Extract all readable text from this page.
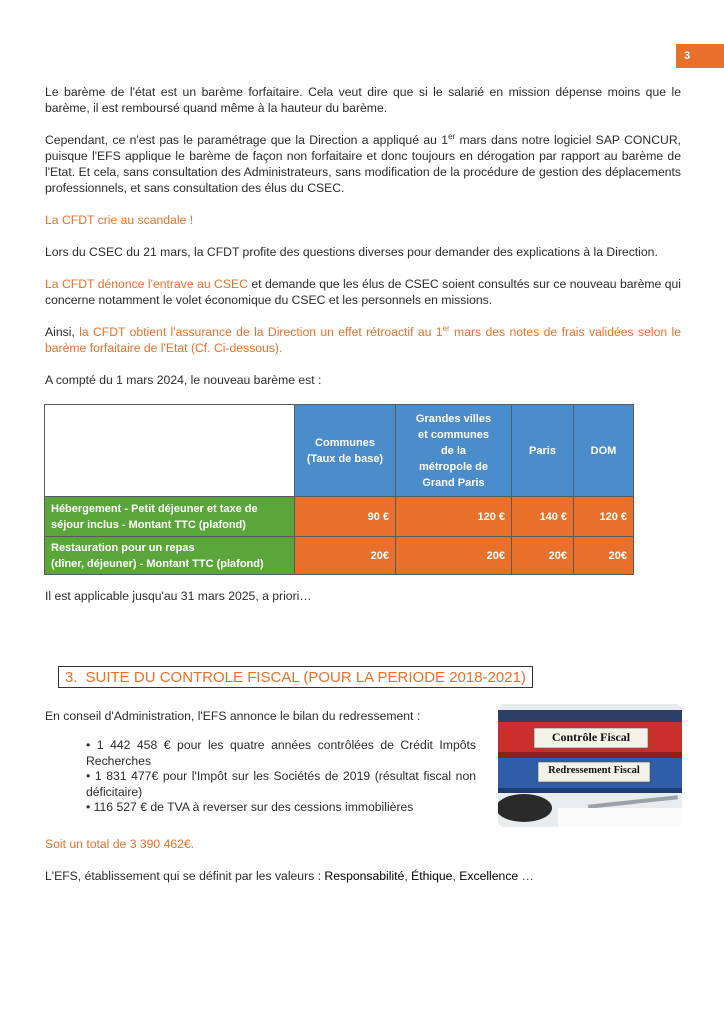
3

Le barème de l'état est un barème forfaitaire. Cela veut dire que si le salarié en mission dépense moins que le barème, il est remboursé quand même à la hauteur du barème.

Cependant, ce n'est pas le paramétrage que la Direction a appliqué au 1er mars dans notre logiciel SAP CONCUR, puisque l'EFS applique le barème de façon non forfaitaire et donc toujours en dérogation par rapport au barème de l'Etat. Et cela, sans consultation des Administrateurs, sans modification de la procédure de gestion des déplacements professionnels, et sans consultation des élus du CSEC.

La CFDT crie au scandale !

Lors du CSEC du 21 mars, la CFDT profite des questions diverses pour demander des explications à la Direction.

La CFDT dénonce l'entrave au CSEC et demande que les élus de CSEC soient consultés sur ce nouveau barème qui concerne notamment le volet économique du CSEC et les personnels en missions.

Ainsi, la CFDT obtient l'assurance de la Direction un effet rétroactif au 1er mars des notes de frais validées selon le barème forfaitaire de l'Etat (Cf. Ci-dessous).

A compté du 1 mars 2024, le nouveau barème est :

	Communes
(Taux de base)	Grandes villes
et communes
de la
métropole de
Grand Paris	Paris	DOM
Hébergement - Petit déjeuner et taxe de
séjour inclus - Montant TTC (plafond)	90 €	120 €	140 €	120 €
Restauration pour un repas
(dîner, déjeuner) - Montant TTC (plafond)	20€	20€	20€	20€

Il est applicable jusqu'au 31 mars 2025, a priori…

3. SUITE DU CONTROLE FISCAL (POUR LA PERIODE 2018-2021)

En conseil d'Administration, l'EFS annonce le bilan du redressement :

• 1 442 458 € pour les quatre années contrôlées de Crédit Impôts Recherches
• 1 831 477€ pour l'Impôt sur les Sociétés de 2019 (résultat fiscal non déficitaire)
• 116 527 € de TVA à reverser sur des cessions immobilières
Contrôle Fiscal
Redressement Fiscal

Soit un total de 3 390 462€.

L'EFS, établissement qui se définit par les valeurs : Responsabilité, Éthique, Excellence …
